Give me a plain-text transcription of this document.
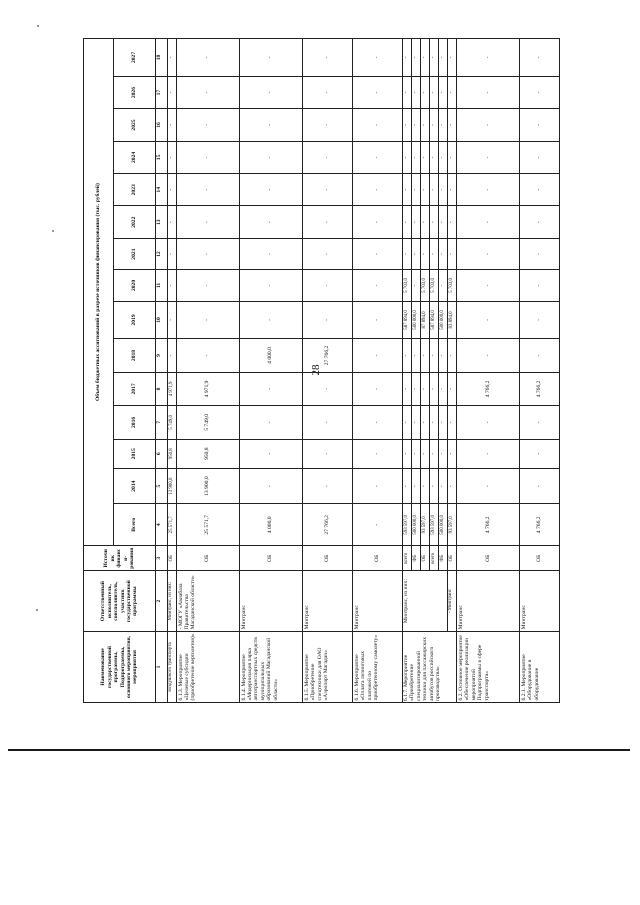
28
Наименование государственной программы, Подпрограммы, основного мероприятия, мероприятия	Ответственный исполнитель, соисполнитель, участник государственной программы	Источник финанси-рования	Объем бюджетных ассигнований в разрезе источников финансирования (тыс. рублей)														
			Всего	2014	2015	2016	2017	2018	2019	2020	2021	2022	2023	2024	2025	2026	2027
1	2	3	4	5	6	7	8	9	10	11	12	13	14	15	16	17	18
воздушного транспорта	Минтранс, из них:	ОБ	25 571,7	13 900,0	950,8	5 749,0	4 971,9	-	-	-	-	-	-	-	-	-	-
6.1.3. Мероприятие «Целевые субсидии (приобретение вертолетов)»	- МОГУ «Авиабаза Правительства Магаданской области»	ОБ	25 571,7	13 900,0	950,8	5 749,0	4 971,9	-	-	-	-	-	-	-	-	-	-
6.1.4. Мероприятие «Модернизация парка автотранспортных средств муниципальных образований Магаданской области»	Минтранс	ОБ	4 000,0	-	-	-	-	4 000,0	-	-	-	-	-	-	-	-	-
6.1.5. Мероприятие «Приобретение спецтехники для ОАО «Аэропорт Магадан»	Минтранс	ОБ	27 766,2	-	-	-	-	27 766,2	-	-	-	-	-	-	-	-	-
6.1.6. Мероприятие «Оплата лизинговых платежей по приобретенному самолету»	Минтранс	ОБ	-	-	-	-	-	-	-	-	-	-	-	-	-	-	-
6.1.7. Мероприятие «Приобретение специализированной техники для пассажирских автобусов российского производства»	Минтранс, из них:	всего	593 597,0	-	-	-	-	-	587 894,0	5 703,0	-	-	-	-	-	-	-
		ФБ	500 000,0	-	-	-	-	-	500 000,0	-	-	-	-	-	-	-	-
		ОБ	93 597,0	-	-	-	-	-	87 894,0	5 703,0	-	-	-	-	-	-	-
		всего	593 597,0	-	-	-	-	-	587 894,0	5 703,0	-	-	-	-	-	-	-
		ФБ	500 000,0	-	-	-	-	-	500 000,0	-	-	-	-	-	-	-	-
	- Минтранс	ОБ	93 597,0	-	-	-	-	-	83 894,0	5 703,0	-	-	-	-	-	-	-
6.2. Основное мероприятие «Обеспечение реализации мероприятий Подпрограммы в сфере транспорта»	Минтранс	ОБ	4 766,2	-	-	-	4 766,2	-	-	-	-	-	-	-	-	-	-
6.2.1. Мероприятие «Оборудование в оборудование	Минтранс	ОБ	4 766,2	-	-	-	4 766,2	-	-	-	-	-	-	-	-	-	-
